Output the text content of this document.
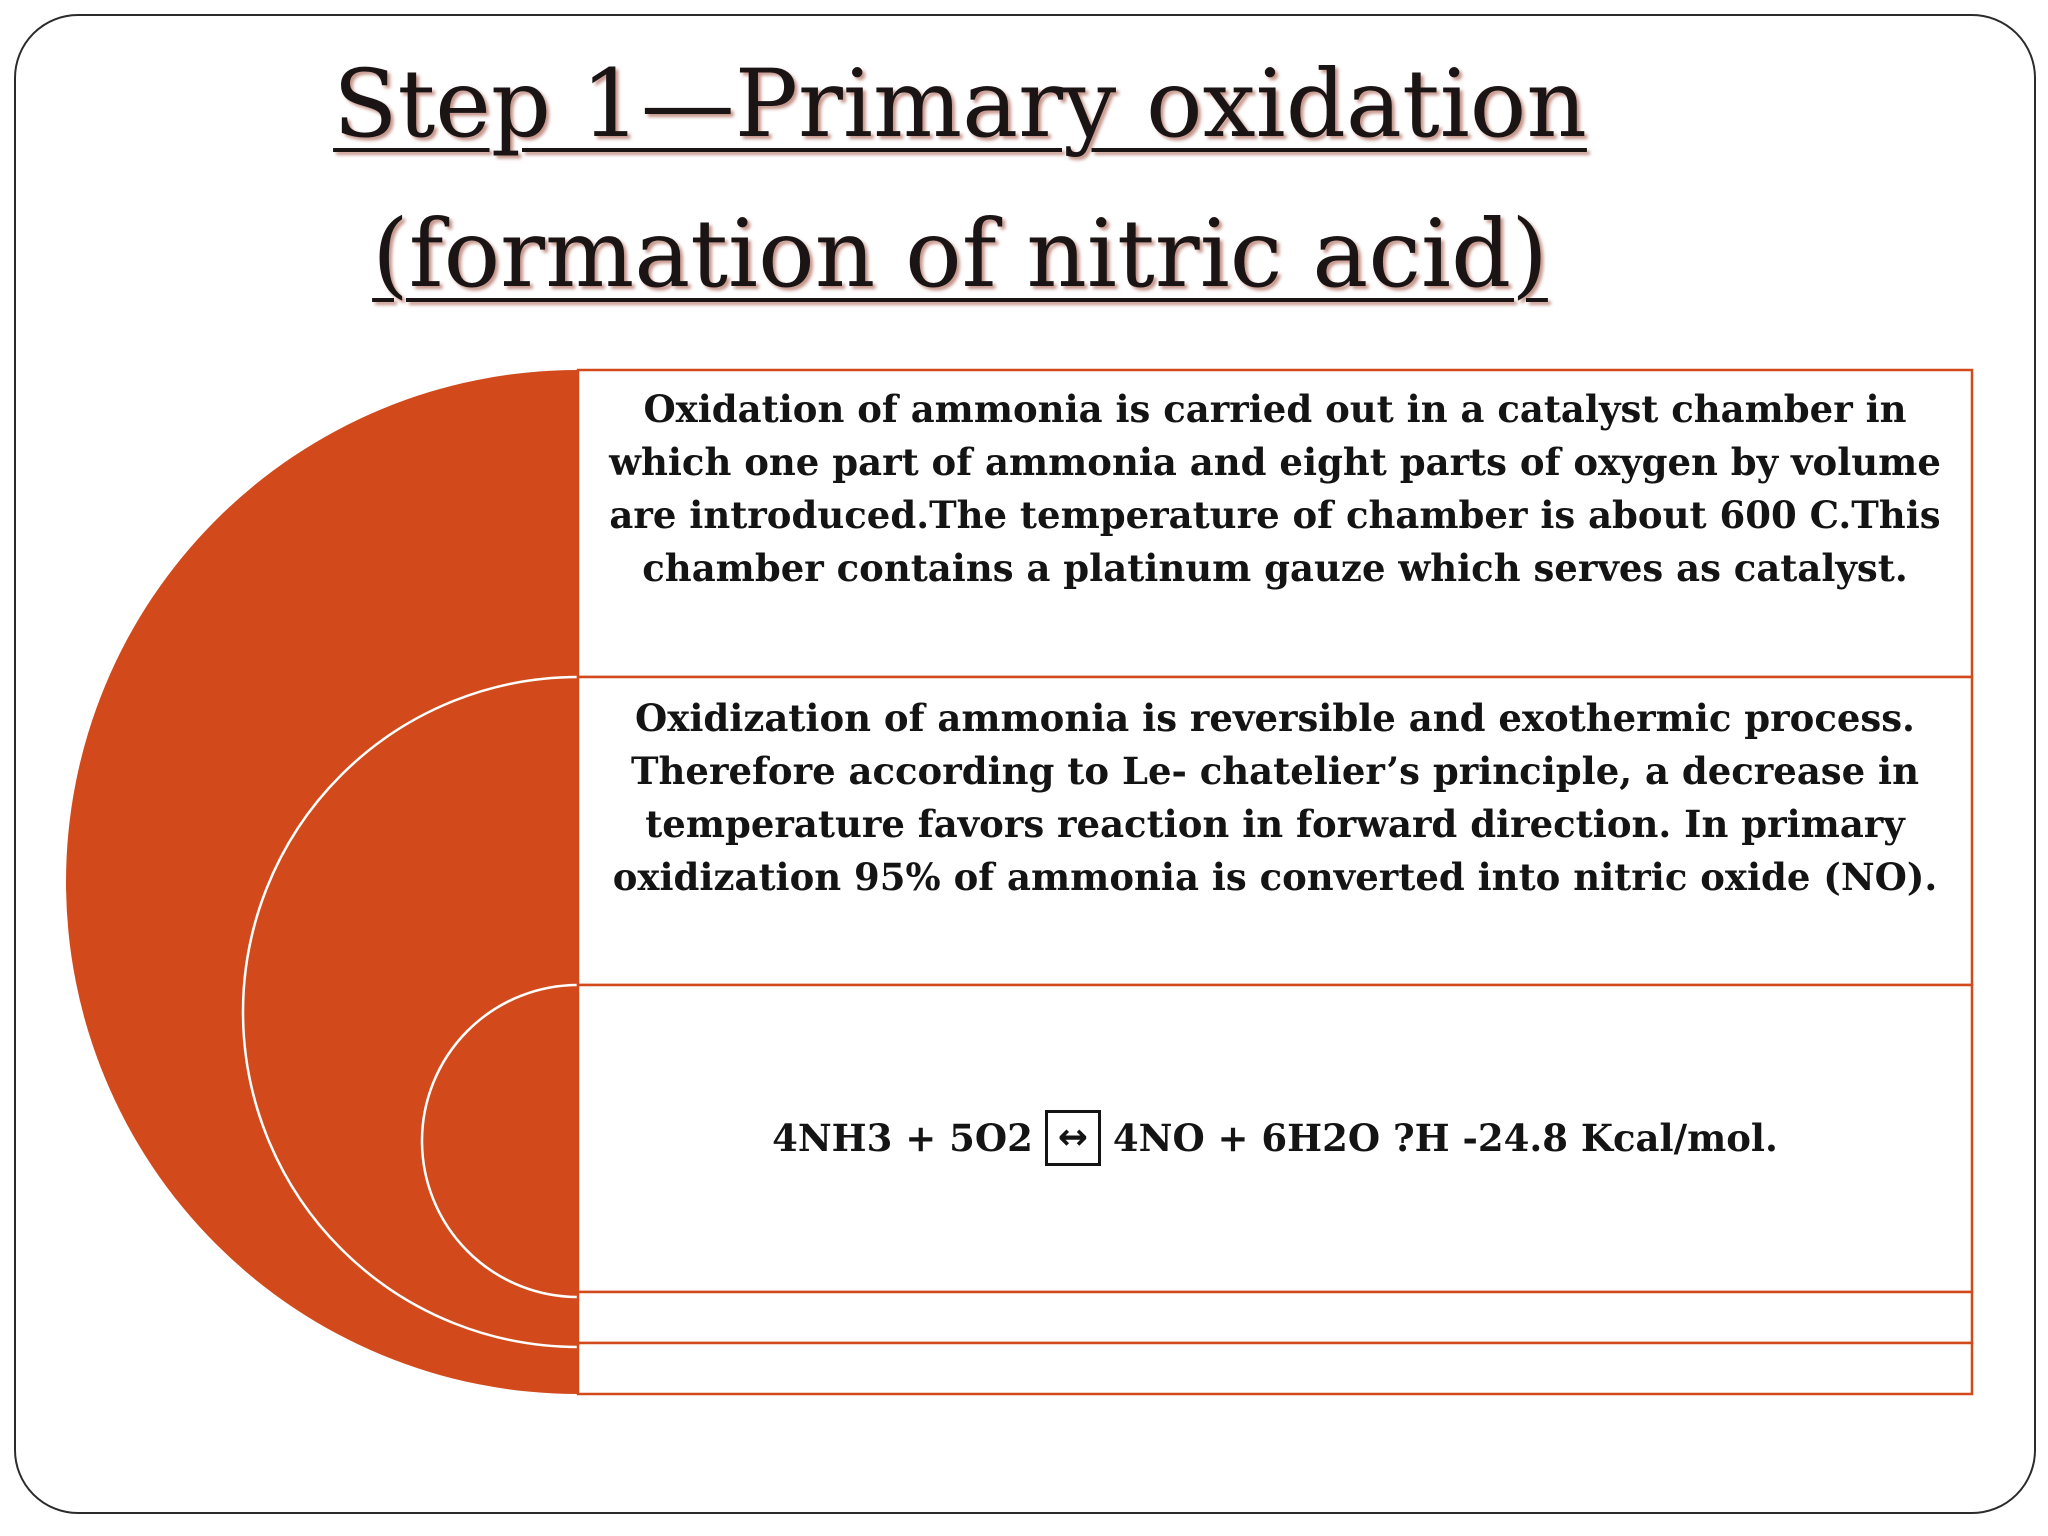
Step 1—Primary oxidation
(formation of nitric acid)
Oxidation of ammonia is carried out in a catalyst chamber in which one part of ammonia and eight parts of oxygen by volume are introduced.The temperature of chamber is about 600 C.This chamber contains a platinum gauze which serves as catalyst.
Oxidization of ammonia is reversible and exothermic process. Therefore according to Le- chatelier’s principle, a decrease in temperature favors reaction in forward direction. In primary oxidization 95% of ammonia is converted into nitric oxide (NO).
4NH3 + 5O2 ↔ 4NO + 6H2O ?H -24.8 Kcal/mol.
